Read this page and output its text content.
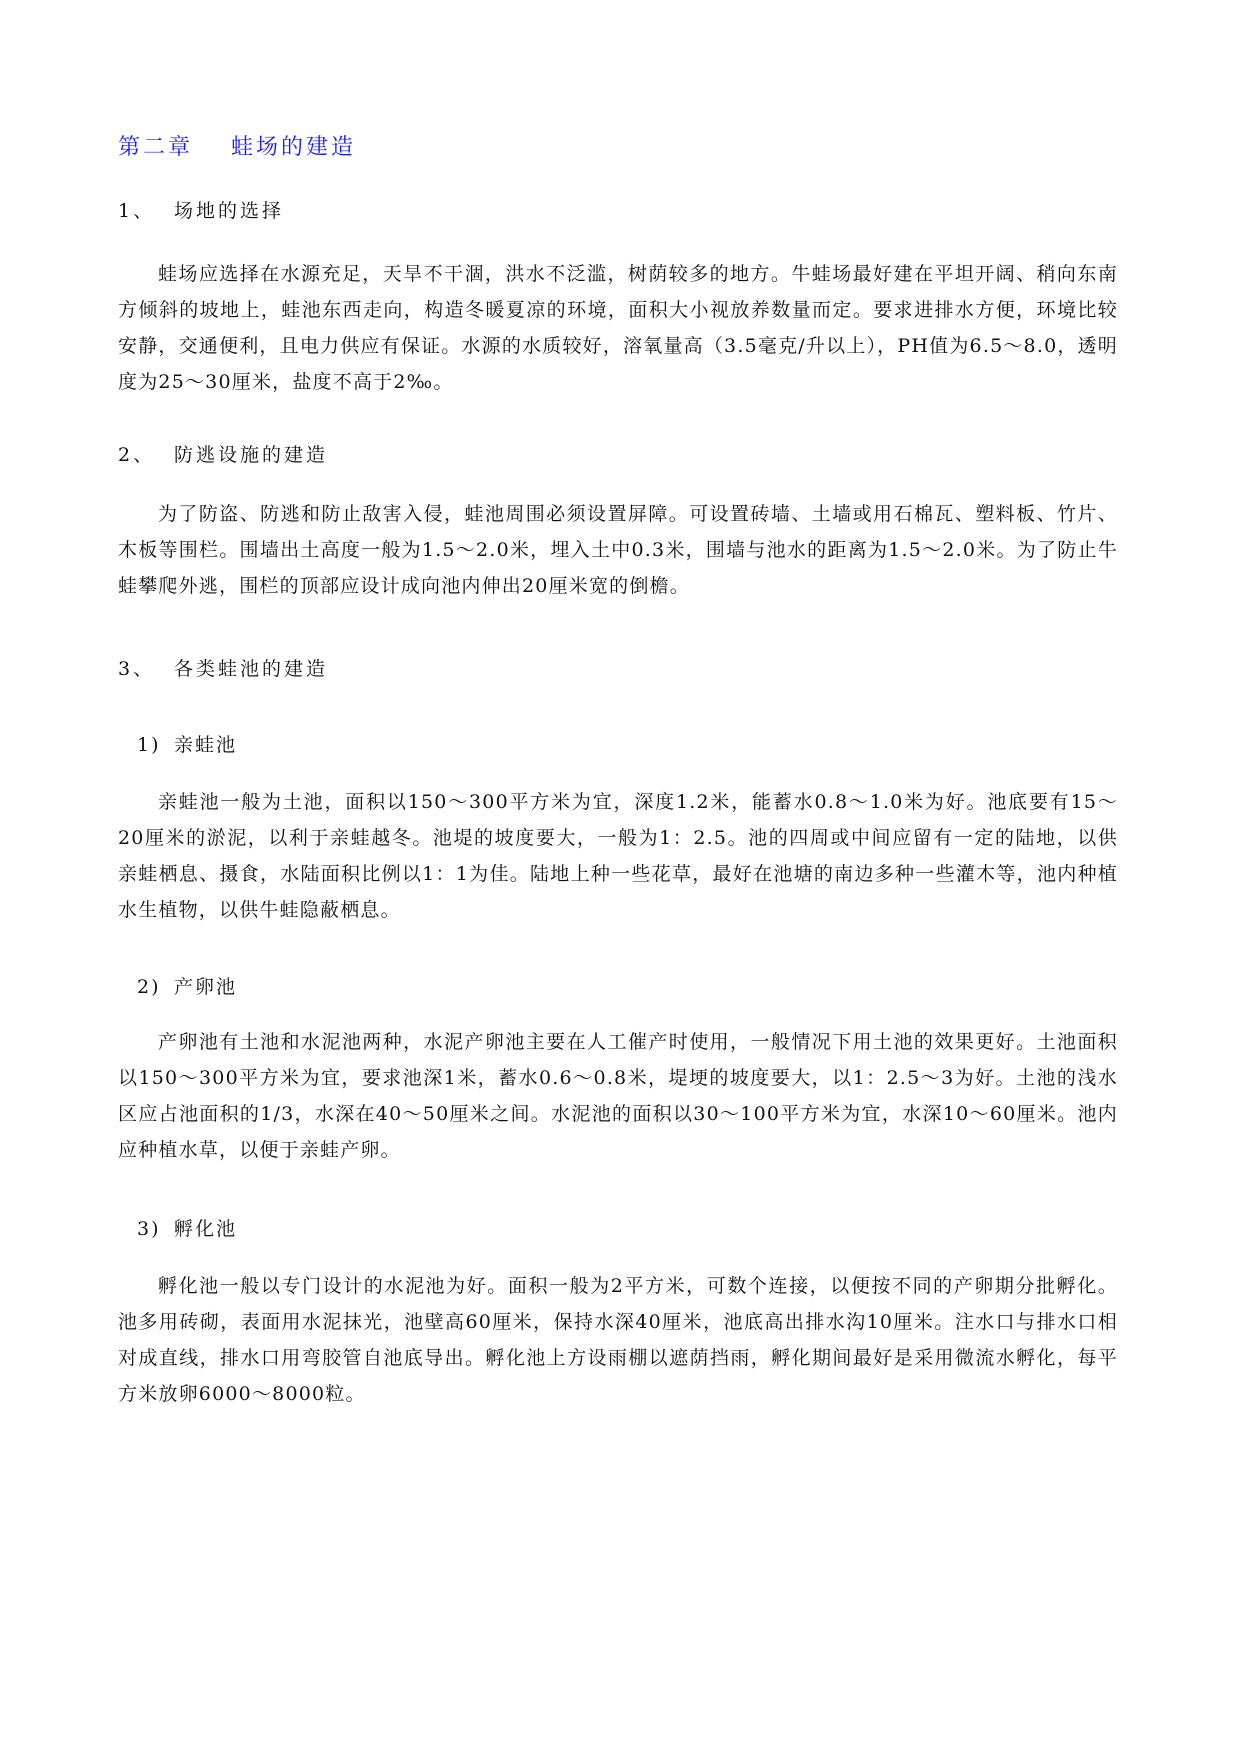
第二章 蛙场的建造
1、 场地的选择

蛙场应选择在水源充足，天旱不干涸，洪水不泛滥，树荫较多的地方。牛蛙场最好建在平坦开阔、稍向东南方倾斜的坡地上，蛙池东西走向，构造冬暖夏凉的环境，面积大小视放养数量而定。要求进排水方便，环境比较安静，交通便利，且电力供应有保证。水源的水质较好，溶氧量高（3.5毫克/升以上），PH值为6.5～8.0，透明度为25～30厘米，盐度不高于2‰。

2、 防逃设施的建造

为了防盗、防逃和防止敌害入侵，蛙池周围必须设置屏障。可设置砖墙、土墙或用石棉瓦、塑料板、竹片、木板等围栏。围墙出土高度一般为1.5～2.0米，埋入土中0.3米，围墙与池水的距离为1.5～2.0米。为了防止牛蛙攀爬外逃，围栏的顶部应设计成向池内伸出20厘米宽的倒檐。

3、 各类蛙池的建造
1) 亲蛙池

亲蛙池一般为土池，面积以150～300平方米为宜，深度1.2米，能蓄水0.8～1.0米为好。池底要有15～20厘米的淤泥，以利于亲蛙越冬。池堤的坡度要大，一般为1：2.5。池的四周或中间应留有一定的陆地，以供亲蛙栖息、摄食，水陆面积比例以1：1为佳。陆地上种一些花草，最好在池塘的南边多种一些灌木等，池内种植水生植物，以供牛蛙隐蔽栖息。

2) 产卵池

产卵池有土池和水泥池两种，水泥产卵池主要在人工催产时使用，一般情况下用土池的效果更好。土池面积以150～300平方米为宜，要求池深1米，蓄水0.6～0.8米，堤埂的坡度要大，以1：2.5～3为好。土池的浅水区应占池面积的1/3，水深在40～50厘米之间。水泥池的面积以30～100平方米为宜，水深10～60厘米。池内应种植水草，以便于亲蛙产卵。

3) 孵化池

孵化池一般以专门设计的水泥池为好。面积一般为2平方米，可数个连接，以便按不同的产卵期分批孵化。池多用砖砌，表面用水泥抹光，池壁高60厘米，保持水深40厘米，池底高出排水沟10厘米。注水口与排水口相对成直线，排水口用弯胶管自池底导出。孵化池上方设雨棚以遮荫挡雨，孵化期间最好是采用微流水孵化，每平方米放卵6000～8000粒。
